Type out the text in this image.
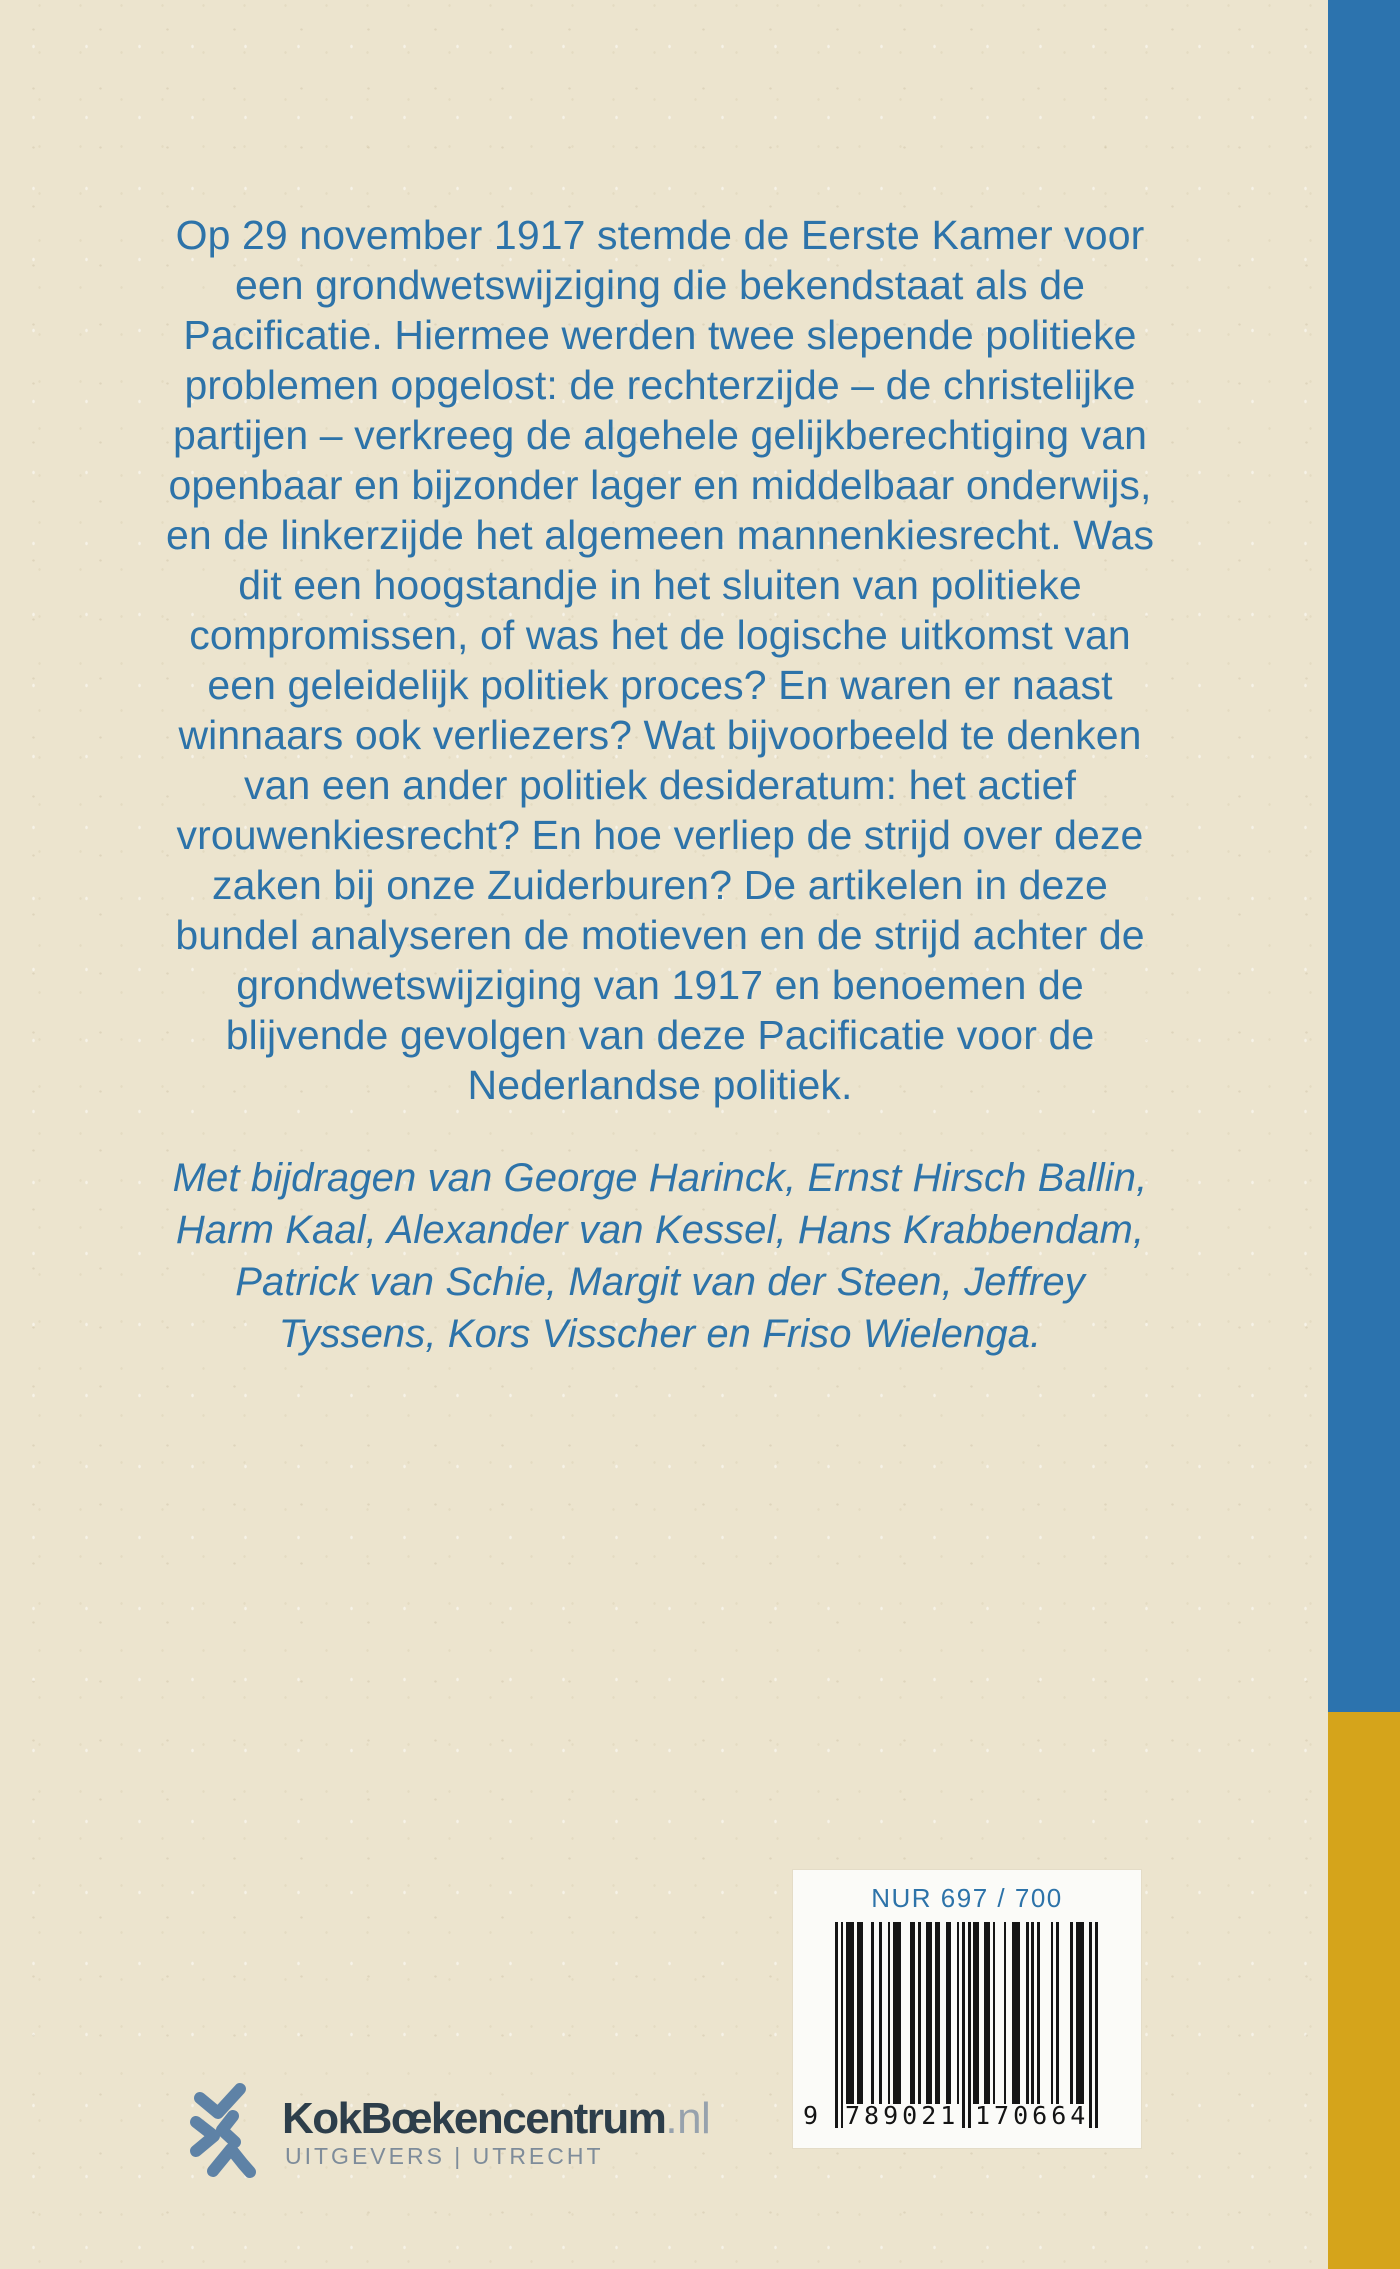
Op 29 november 1917 stemde de Eerste Kamer voor
een grondwetswijziging die bekendstaat als de
Pacificatie. Hiermee werden twee slepende politieke
problemen opgelost: de rechterzijde – de christelijke
partijen – verkreeg de algehele gelijkberechtiging van
openbaar en bijzonder lager en middelbaar onderwijs,
en de linkerzijde het algemeen mannenkiesrecht. Was
dit een hoogstandje in het sluiten van politieke
compromissen, of was het de logische uitkomst van
een geleidelijk politiek proces? En waren er naast
winnaars ook verliezers? Wat bijvoorbeeld te denken
van een ander politiek desideratum: het actief
vrouwenkiesrecht? En hoe verliep de strijd over deze
zaken bij onze Zuiderburen? De artikelen in deze
bundel analyseren de motieven en de strijd achter de
grondwetswijziging van 1917 en benoemen de
blijvende gevolgen van deze Pacificatie voor de
Nederlandse politiek.
Met bijdragen van George Harinck, Ernst Hirsch Ballin,
Harm Kaal, Alexander van Kessel, Hans Krabbendam,
Patrick van Schie, Margit van der Steen, Jeffrey
Tyssens, Kors Visscher en Friso Wielenga.
NUR 697 / 700
9 789021 170664
KokBœkencentrum.nl
UITGEVERS | UTRECHT
